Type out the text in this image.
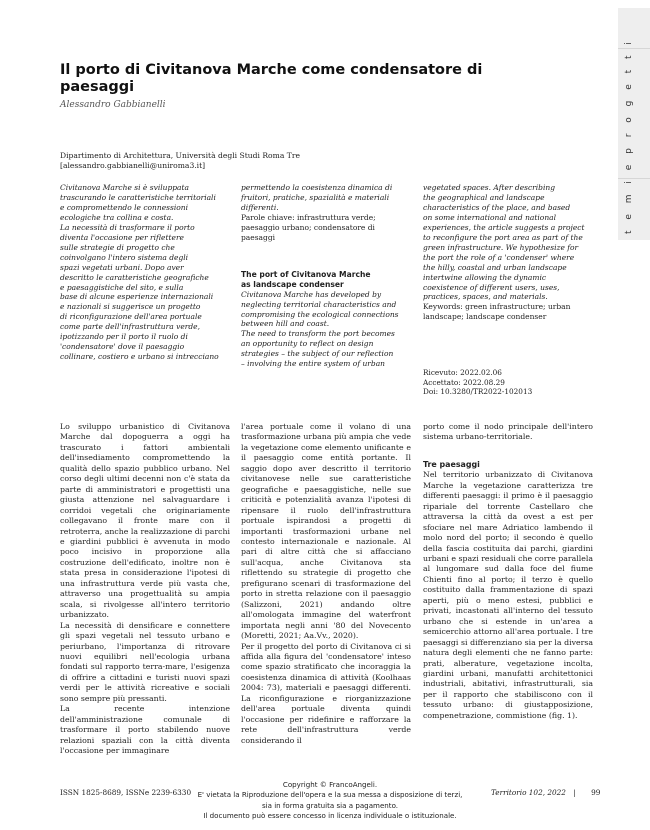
t e m i e p r o g e t t i
Il porto di Civitanova Marche come condensatore di paesaggi
Alessandro Gabbianelli
Dipartimento di Architettura, Università degli Studi Roma Tre
[alessandro.gabbianelli@uniroma3.it]
Civitanova Marche si è sviluppata
trascurando le caratteristiche territoriali
e compromettendo le connessioni
ecologiche tra collina e costa.
La necessità di trasformare il porto
diventa l'occasione per riflettere
sulle strategie di progetto che
coinvolgano l'intero sistema degli
spazi vegetati urbani. Dopo aver
descritto le caratteristiche geografiche
e paesaggistiche del sito, e sulla
base di alcune esperienze internazionali
e nazionali si suggerisce un progetto
di riconfigurazione dell'area portuale
come parte dell'infrastruttura verde,
ipotizzando per il porto il ruolo di
'condensatore' dove il paesaggio
collinare, costiero e urbano si intrecciano
permettendo la coesistenza dinamica di
fruitori, pratiche, spazialità e materiali
differenti.
Parole chiave: infrastruttura verde;
paesaggio urbano; condensatore di
paesaggi
The port of Civitanova Marche
as landscape condenser
Civitanova Marche has developed by
neglecting territorial characteristics and
compromising the ecological connections
between hill and coast.
The need to transform the port becomes
an opportunity to reflect on design
strategies – the subject of our reflection
– involving the entire system of urban
vegetated spaces. After describing
the geographical and landscape
characteristics of the place, and based
on some international and national
experiences, the article suggests a project
to reconfigure the port area as part of the
green infrastructure. We hypothesize for
the port the role of a 'condenser' where
the hilly, coastal and urban landscape
intertwine allowing the dynamic
coexistence of different users, uses,
practices, spaces, and materials.
Keywords: green infrastructure; urban
landscape; landscape condenser
Ricevuto: 2022.02.06
Accettato: 2022.08.29
Doi: 10.3280/TR2022-102013

Lo sviluppo urbanistico di Civitanova Marche dal dopoguerra a oggi ha trascurato i fattori ambientali dell'insediamento compromettendo la qualità dello spazio pubblico urbano. Nel corso degli ultimi decenni non c'è stata da parte di amministratori e progettisti una giusta attenzione nel salvaguardare i corridoi vegetali che originariamente collegavano il fronte mare con il retroterra, anche la realizzazione di parchi e giardini pubblici è avvenuta in modo poco incisivo in proporzione alla costruzione dell'edificato, inoltre non è stata presa in considerazione l'ipotesi di una infrastruttura verde più vasta che, attraverso una progettualità su ampia scala, si rivolgesse all'intero territorio urbanizzato.

La necessità di densificare e connettere gli spazi vegetali nel tessuto urbano e periurbano, l'importanza di ritrovare nuovi equilibri nell'ecologia urbana fondati sul rapporto terra-mare, l'esigenza di offrire a cittadini e turisti nuovi spazi verdi per le attività ricreative e sociali sono sempre più pressanti.

La recente intenzione dell'amministrazione comunale di trasformare il porto stabilendo nuove relazioni spaziali con la città diventa l'occasione per immaginare

l'area portuale come il volano di una trasformazione urbana più ampia che vede la vegetazione come elemento unificante e il paesaggio come entità portante. Il saggio dopo aver descritto il territorio civitanovese nelle sue caratteristiche geografiche e paesaggistiche, nelle sue criticità e potenzialità avanza l'ipotesi di ripensare il ruolo dell'infrastruttura portuale ispirandosi a progetti di importanti trasformazioni urbane nel contesto internazionale e nazionale. Al pari di altre città che si affacciano sull'acqua, anche Civitanova sta riflettendo su strategie di progetto che prefigurano scenari di trasformazione del porto in stretta relazione con il paesaggio (Salizzoni, 2021) andando oltre all'omologata immagine del waterfront importata negli anni '80 del Novecento (Moretti, 2021; Aa.Vv., 2020).

Per il progetto del porto di Civitanova ci si affida alla figura del 'condensatore' inteso come spazio stratificato che incoraggia la coesistenza dinamica di attività (Koolhaas 2004: 73), materiali e paesaggi differenti. La riconfigurazione e riorganizzazione dell'area portuale diventa quindi l'occasione per ridefinire e rafforzare la rete dell'infrastruttura verde considerando il

porto come il nodo principale dell'intero sistema urbano-territoriale.

Tre paesaggi

Nel territorio urbanizzato di Civitanova Marche la vegetazione caratterizza tre differenti paesaggi: il primo è il paesaggio ripariale del torrente Castellaro che attraversa la città da ovest a est per sfociare nel mare Adriatico lambendo il molo nord del porto; il secondo è quello della fascia costituita dai parchi, giardini urbani e spazi residuali che corre parallela al lungomare sud dalla foce del fiume Chienti fino al porto; il terzo è quello costituito dalla frammentazione di spazi aperti, più o meno estesi, pubblici e privati, incastonati all'interno del tessuto urbano che si estende in un'area a semicerchio attorno all'area portuale. I tre paesaggi si differenziano sia per la diversa natura degli elementi che ne fanno parte: prati, alberature, vegetazione incolta, giardini urbani, manufatti architettonici industriali, abitativi, infrastrutturali, sia per il rapporto che stabiliscono con il tessuto urbano: di giustapposizione, compenetrazione, commistione (fig. 1).

ISSN 1825-8689, ISSNe 2239-6330	Territorio 102, 2022 | 99
Copyright © FrancoAngeli.
E' vietata la Riproduzione dell'opera e la sua messa a disposizione di terzi,
sia in forma gratuita sia a pagamento.
Il documento può essere concesso in licenza individuale o istituzionale.
